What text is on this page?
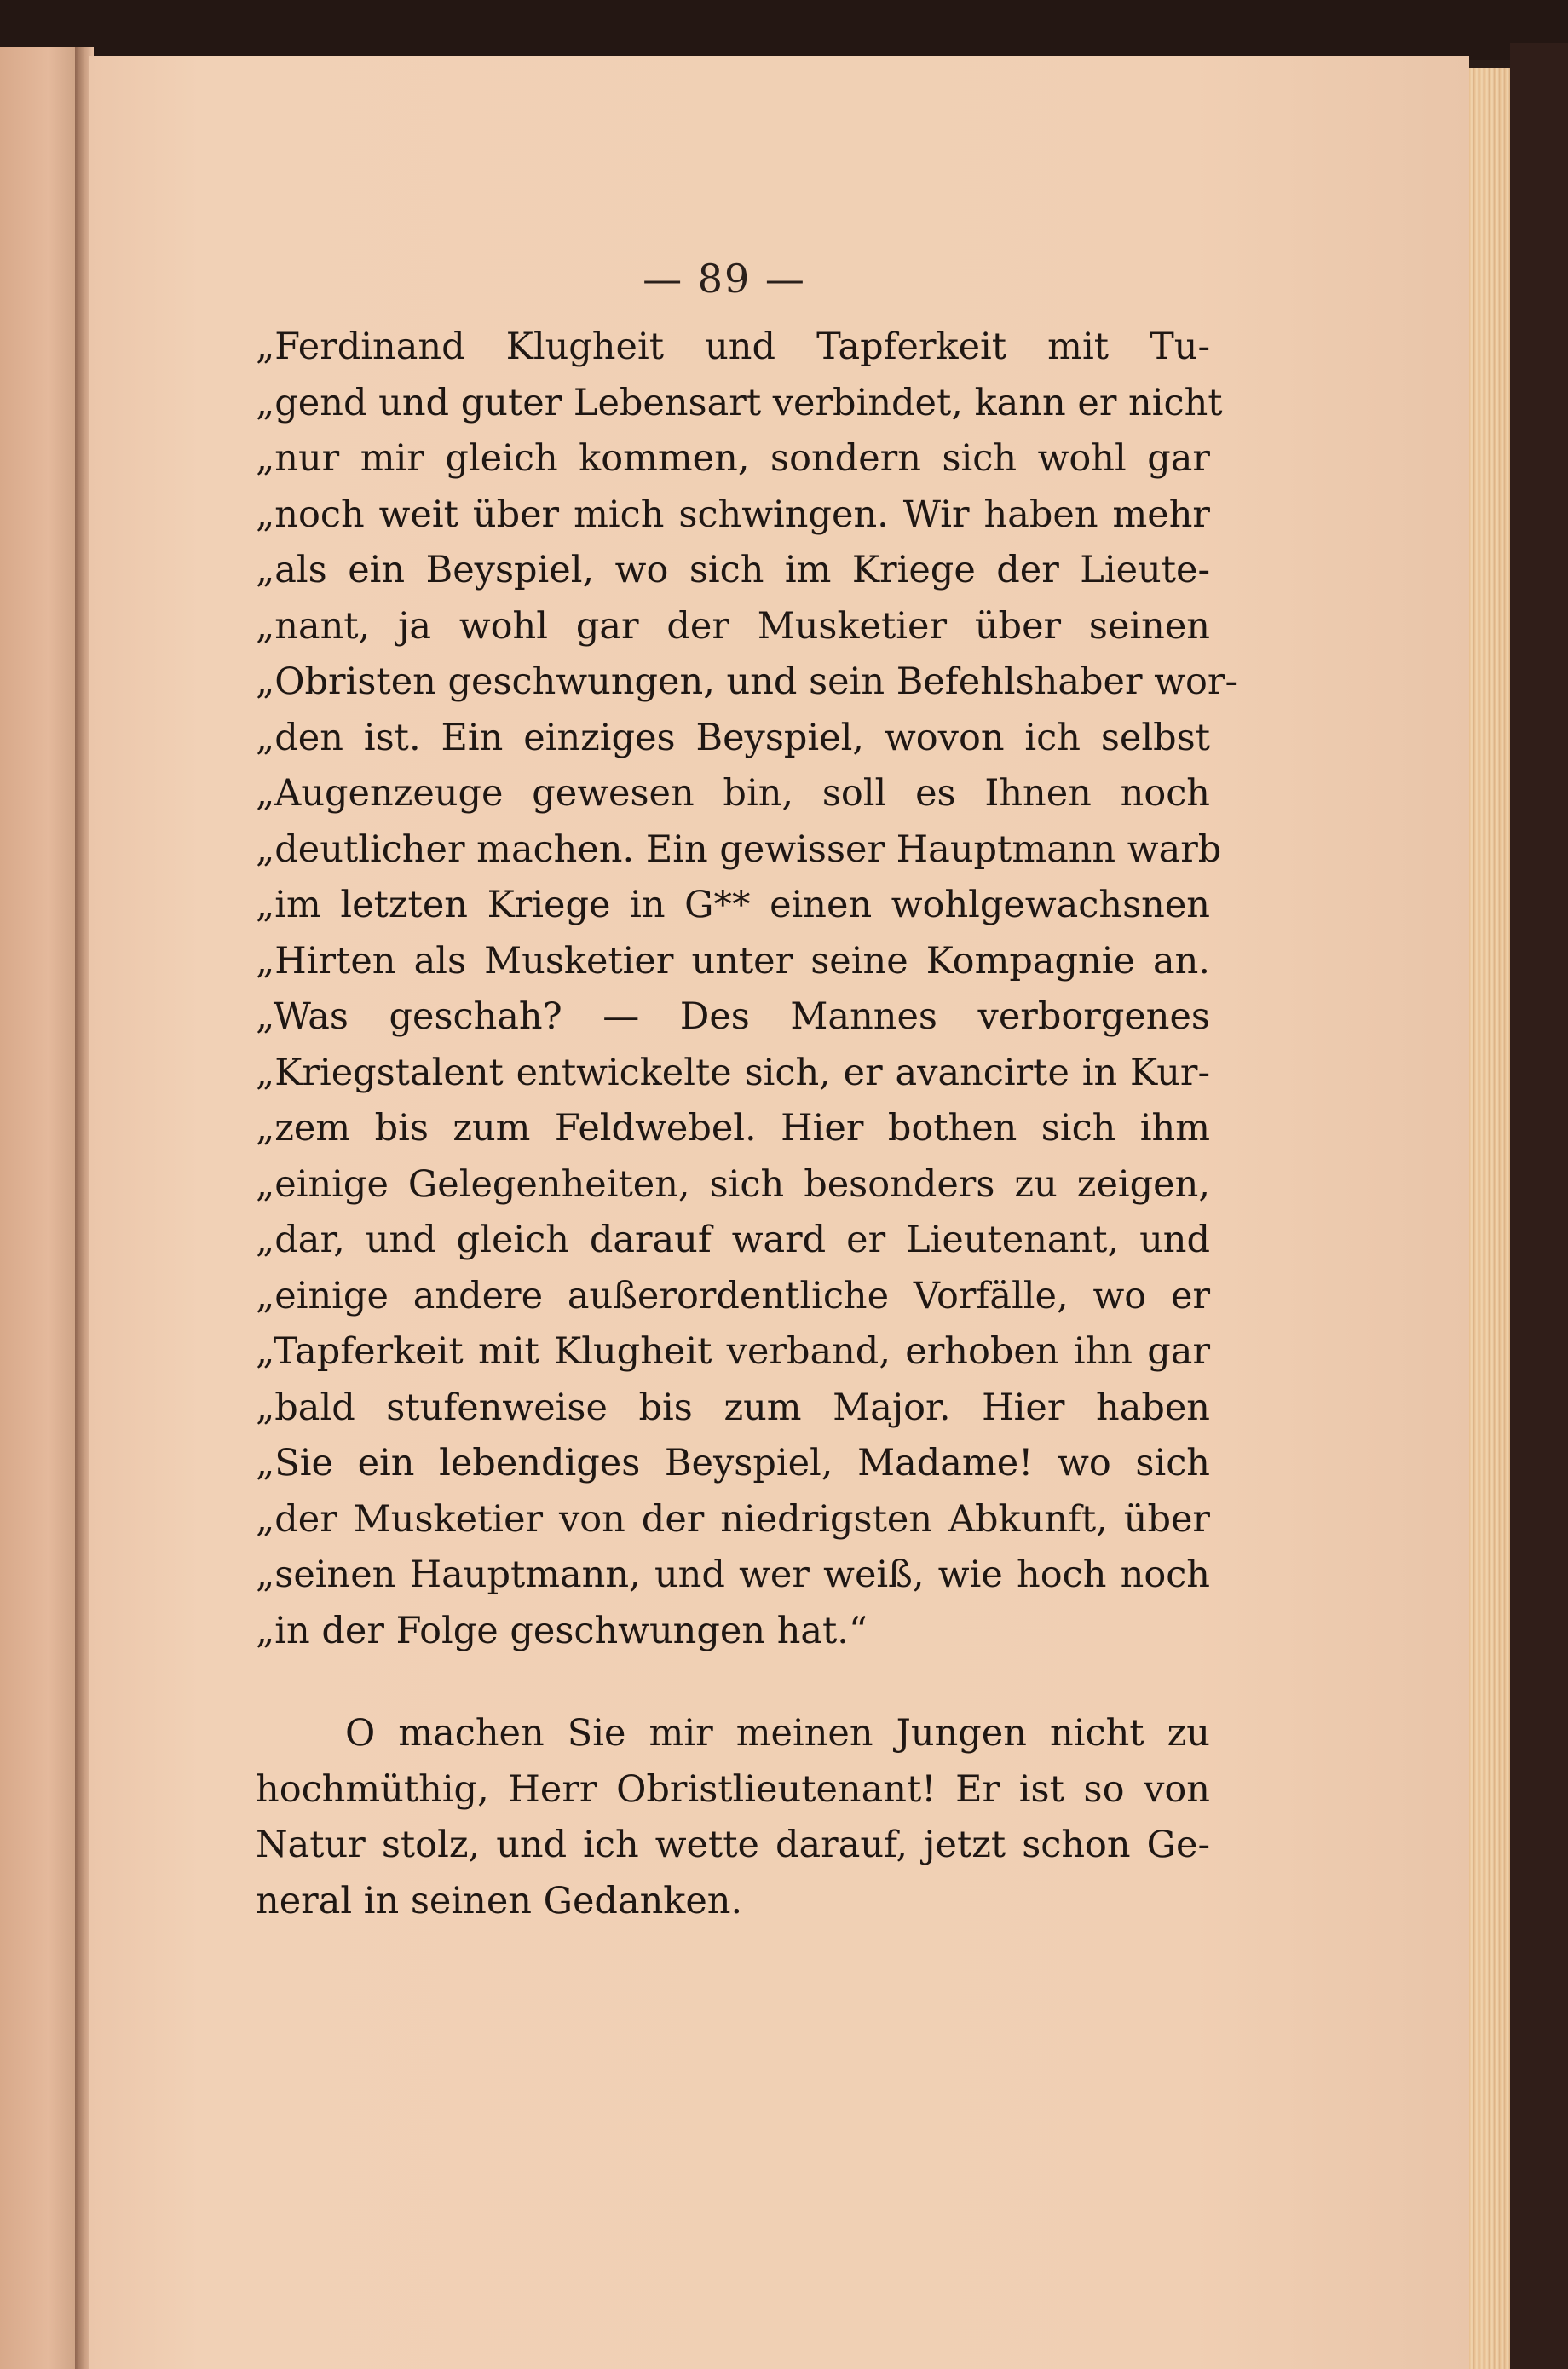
— 89 —
„Ferdinand Klugheit und Tapferkeit mit Tu-
„gend und guter Lebensart verbindet, kann er nicht
„nur mir gleich kommen, sondern sich wohl gar
„noch weit über mich schwingen. Wir haben mehr
„als ein Beyspiel, wo sich im Kriege der Lieute-
„nant, ja wohl gar der Musketier über seinen
„Obristen geschwungen, und sein Befehlshaber wor-
„den ist. Ein einziges Beyspiel, wovon ich selbst
„Augenzeuge gewesen bin, soll es Ihnen noch
„deutlicher machen. Ein gewisser Hauptmann warb
„im letzten Kriege in G** einen wohlgewachsnen
„Hirten als Musketier unter seine Kompagnie an.
„Was geschah? — Des Mannes verborgenes
„Kriegstalent entwickelte sich, er avancirte in Kur-
„zem bis zum Feldwebel. Hier bothen sich ihm
„einige Gelegenheiten, sich besonders zu zeigen,
„dar, und gleich darauf ward er Lieutenant, und
„einige andere außerordentliche Vorfälle, wo er
„Tapferkeit mit Klugheit verband, erhoben ihn gar
„bald stufenweise bis zum Major. Hier haben
„Sie ein lebendiges Beyspiel, Madame! wo sich
„der Musketier von der niedrigsten Abkunft, über
„seinen Hauptmann, und wer weiß, wie hoch noch
„in der Folge geschwungen hat.“
O machen Sie mir meinen Jungen nicht zu
hochmüthig, Herr Obristlieutenant! Er ist so von
Natur stolz, und ich wette darauf, jetzt schon Ge-
neral in seinen Gedanken.
